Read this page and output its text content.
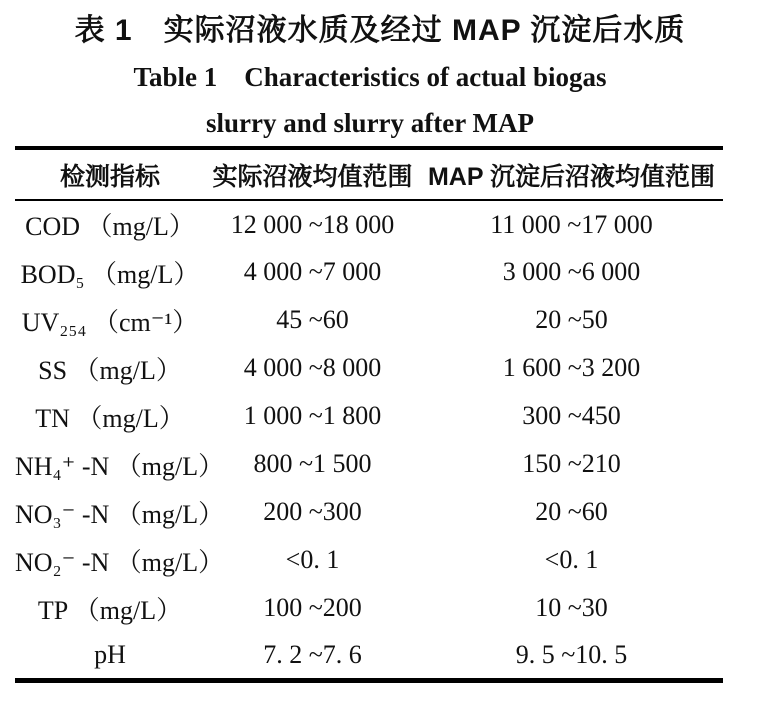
表 1　实际沼液水质及经过 MAP 沉淀后水质
Table 1　Characteristics of actual biogas
slurry and slurry after MAP
检测指标	实际沼液均值范围	MAP 沉淀后沼液均值范围
COD （mg/L）	12 000 ~18 000	11 000 ~17 000
BOD₅ （mg/L）	4 000 ~7 000	3 000 ~6 000
UV₂₅₄ （cm⁻¹）	45 ~60	20 ~50
SS （mg/L）	4 000 ~8 000	1 600 ~3 200
TN （mg/L）	1 000 ~1 800	300 ~450
NH₄⁺ -N （mg/L）	800 ~1 500	150 ~210
NO₃⁻ -N （mg/L）	200 ~300	20 ~60
NO₂⁻ -N （mg/L）	<0. 1	<0. 1
TP （mg/L）	100 ~200	10 ~30
pH	7. 2 ~7. 6	9. 5 ~10. 5
